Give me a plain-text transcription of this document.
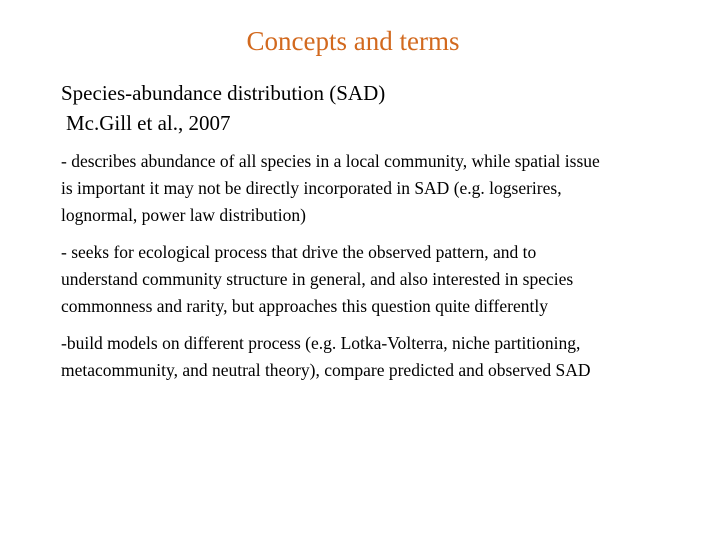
Concepts and terms
Species-abundance distribution (SAD)
Mc.Gill et al., 2007
- describes abundance of all species in a local community, while spatial issue
is important it may not be directly incorporated in SAD (e.g. logserires,
lognormal, power law distribution)
- seeks for ecological process that drive the observed pattern, and to
understand community structure in general, and also interested in species
commonness and rarity, but approaches this question quite differently
-build models on different process (e.g. Lotka-Volterra, niche partitioning,
metacommunity, and neutral theory), compare predicted and observed SAD
